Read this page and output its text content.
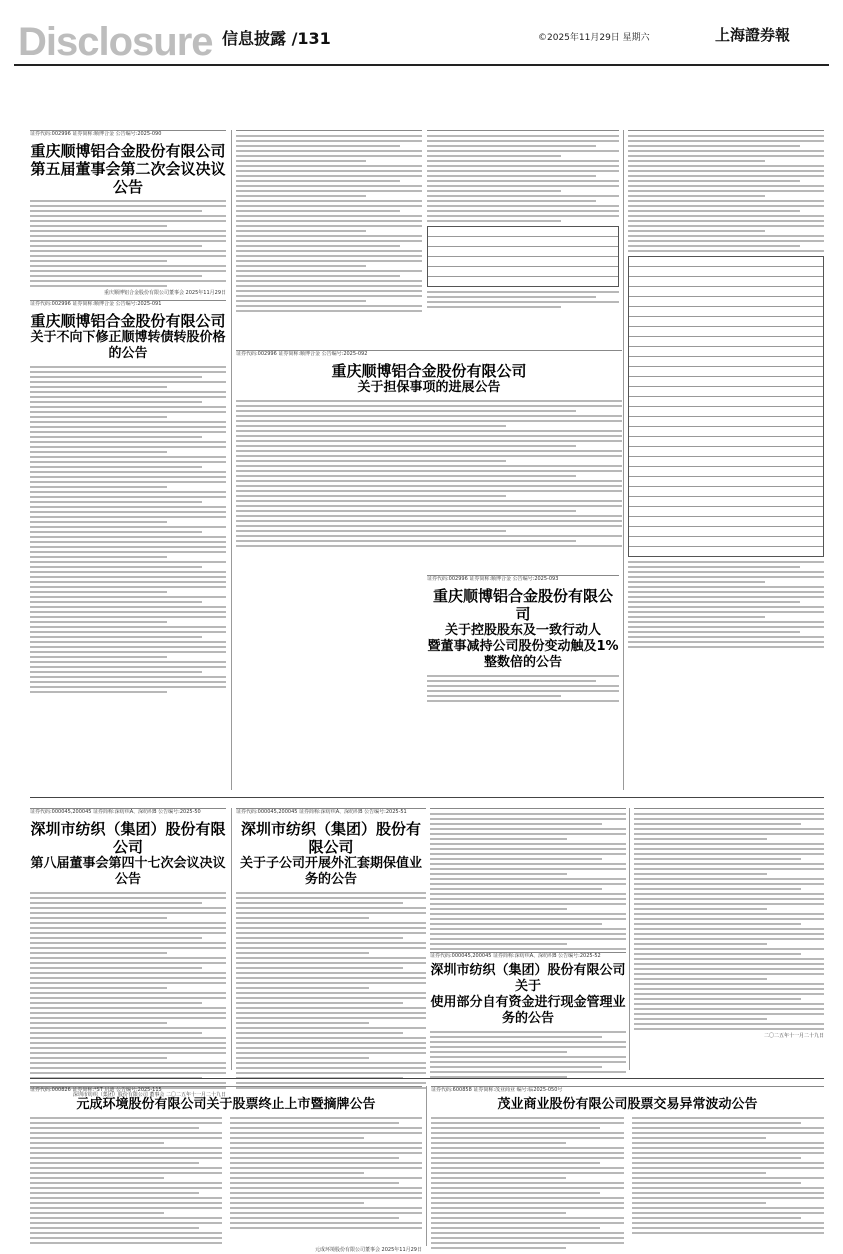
Disclosure 信息披露 /131	©2025年11月29日 星期六	上海證券報
证券代码:002996 证券简称:顺博合金 公告编号:2025-090
重庆顺博铝合金股份有限公司
第五届董事会第二次会议决议公告
重庆顺博铝合金股份有限公司董事会 2025年11月29日
证券代码:002996 证券简称:顺博合金 公告编号:2025-091
重庆顺博铝合金股份有限公司
关于不向下修正顺博转债转股价格的公告	证券代码:002996 证券简称:顺博合金 公告编号:2025-092
重庆顺博铝合金股份有限公司
关于担保事项的进展公告
证券代码:002996 证券简称:顺博合金 公告编号:2025-093
重庆顺博铝合金股份有限公司
关于控股股东及一致行动人
暨董事减持公司股份变动触及1%
整数倍的公告
证券代码:000045,200045 证券简称:深纺织A、深纺织B 公告编号:2025-50
深圳市纺织（集团）股份有限公司
第八届董事会第四十七次会议决议公告
深圳市纺织（集团）股份有限公司 董事会 二〇二五年十一月二十九日
证券代码:000045,200045 证券简称:深纺织A、深纺织B 公告编号:2025-51
深圳市纺织（集团）股份有限公司
关于子公司开展外汇套期保值业务的公告
证券代码:000045,200045 证券简称:深纺织A、深纺织B 公告编号:2025-52
深圳市纺织（集团）股份有限公司关于
使用部分自有资金进行现金管理业务的公告
二〇二五年十一月二十九日
证券代码:000826 证券简称:*ST 启迪 公告编号:2025-115
元成环境股份有限公司关于股票终止上市暨摘牌公告
元成环境股份有限公司董事会 2025年11月29日
证券代码:600858 证券简称:茂业商业 编号:临2025-050号
茂业商业股份有限公司股票交易异常波动公告
